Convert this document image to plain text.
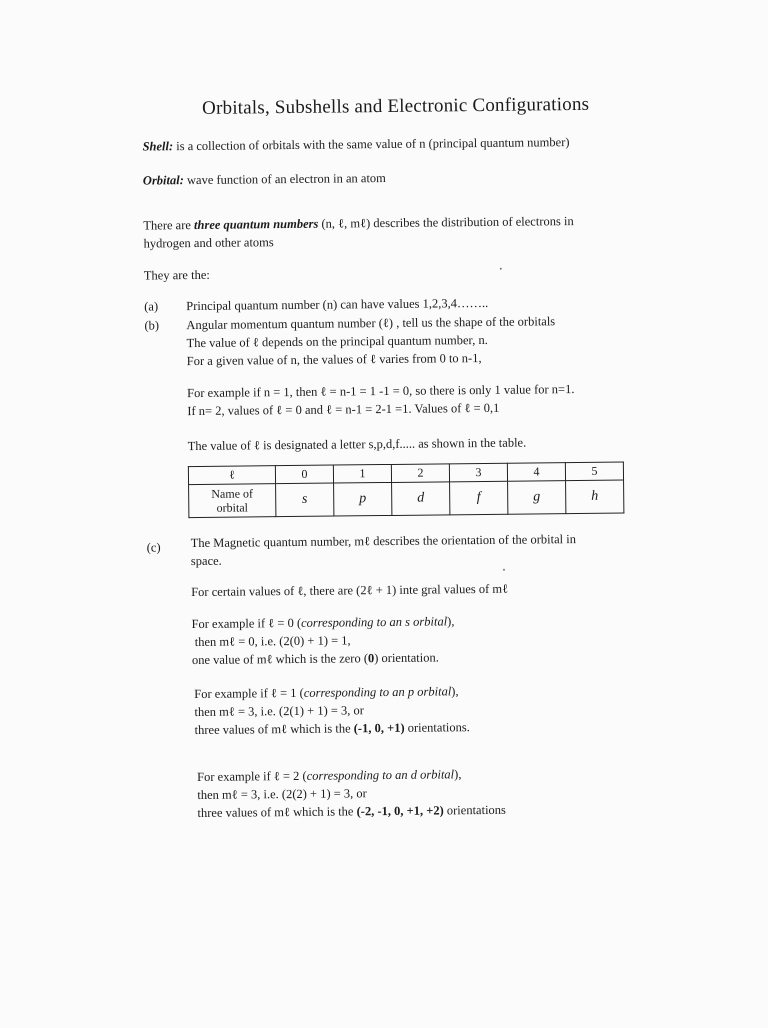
Orbitals, Subshells and Electronic Configurations
Shell: is a collection of orbitals with the same value of n (principal quantum number)
Orbital: wave function of an electron in an atom
There are three quantum numbers (n, ℓ, mℓ) describes the distribution of electrons in
hydrogen and other atoms
They are the:
(a) Principal quantum number (n) can have values 1,2,3,4……..
(b) Angular momentum quantum number (ℓ) , tell us the shape of the orbitals
The value of ℓ depends on the principal quantum number, n.
For a given value of n, the values of ℓ varies from 0 to n-1,
For example if n = 1, then ℓ = n-1 = 1 -1 = 0, so there is only 1 value for n=1.
If n= 2, values of ℓ = 0 and ℓ = n-1 = 2-1 =1. Values of ℓ = 0,1
The value of ℓ is designated a letter s,p,d,f..... as shown in the table.
ℓ	0	1	2	3	4	5

Name of
orbital	s	p	d	f	g	h
(c) The Magnetic quantum number, mℓ describes the orientation of the orbital in
space.
For certain values of ℓ, there are (2ℓ + 1) inte gral values of mℓ
For example if ℓ = 0 (corresponding to an s orbital),
then mℓ = 0, i.e. (2(0) + 1) = 1,
one value of mℓ which is the zero (0) orientation.
For example if ℓ = 1 (corresponding to an p orbital),
then mℓ = 3, i.e. (2(1) + 1) = 3, or
three values of mℓ which is the (-1, 0, +1) orientations.
For example if ℓ = 2 (corresponding to an d orbital),
then mℓ = 3, i.e. (2(2) + 1) = 3, or
three values of mℓ which is the (-2, -1, 0, +1, +2) orientations
